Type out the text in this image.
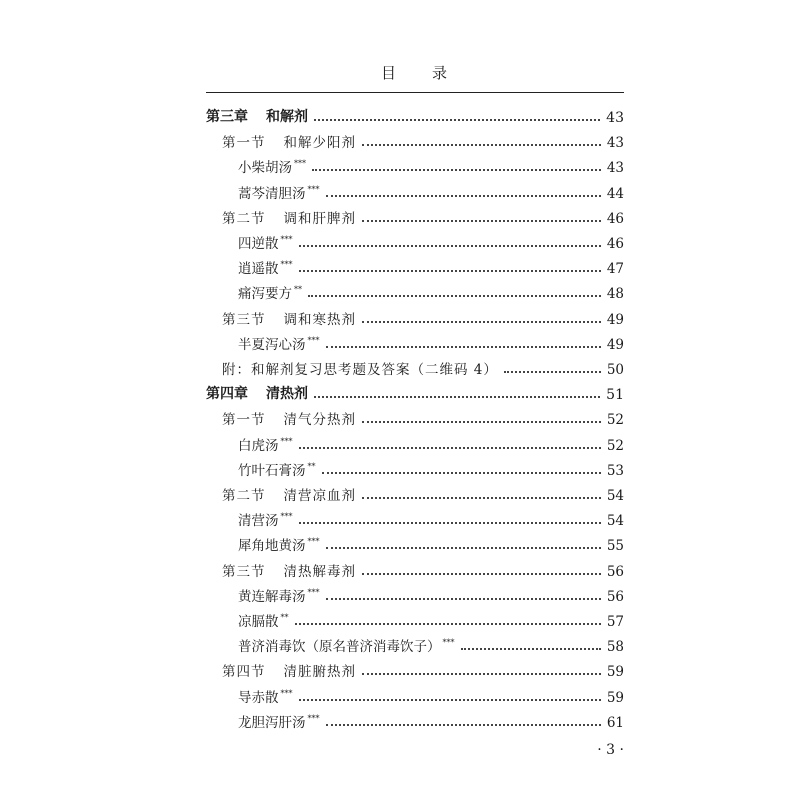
目 录
第三章 和解剂	43
第一节 和解少阳剂	43
小柴胡汤 ***	43
蒿芩清胆汤 ***	44
第二节 调和肝脾剂	46
四逆散 ***	46
逍遥散 ***	47
痛泻要方 **	48
第三节 调和寒热剂	49
半夏泻心汤 ***	49
附：和解剂复习思考题及答案（二维码 4）	50
第四章 清热剂	51
第一节 清气分热剂	52
白虎汤 ***	52
竹叶石膏汤 **	53
第二节 清营凉血剂	54
清营汤 ***	54
犀角地黄汤 ***	55
第三节 清热解毒剂	56
黄连解毒汤 ***	56
凉膈散 **	57
普济消毒饮（原名普济消毒饮子） ***	58
第四节 清脏腑热剂	59
导赤散 ***	59
龙胆泻肝汤 ***	61
· 3 ·
